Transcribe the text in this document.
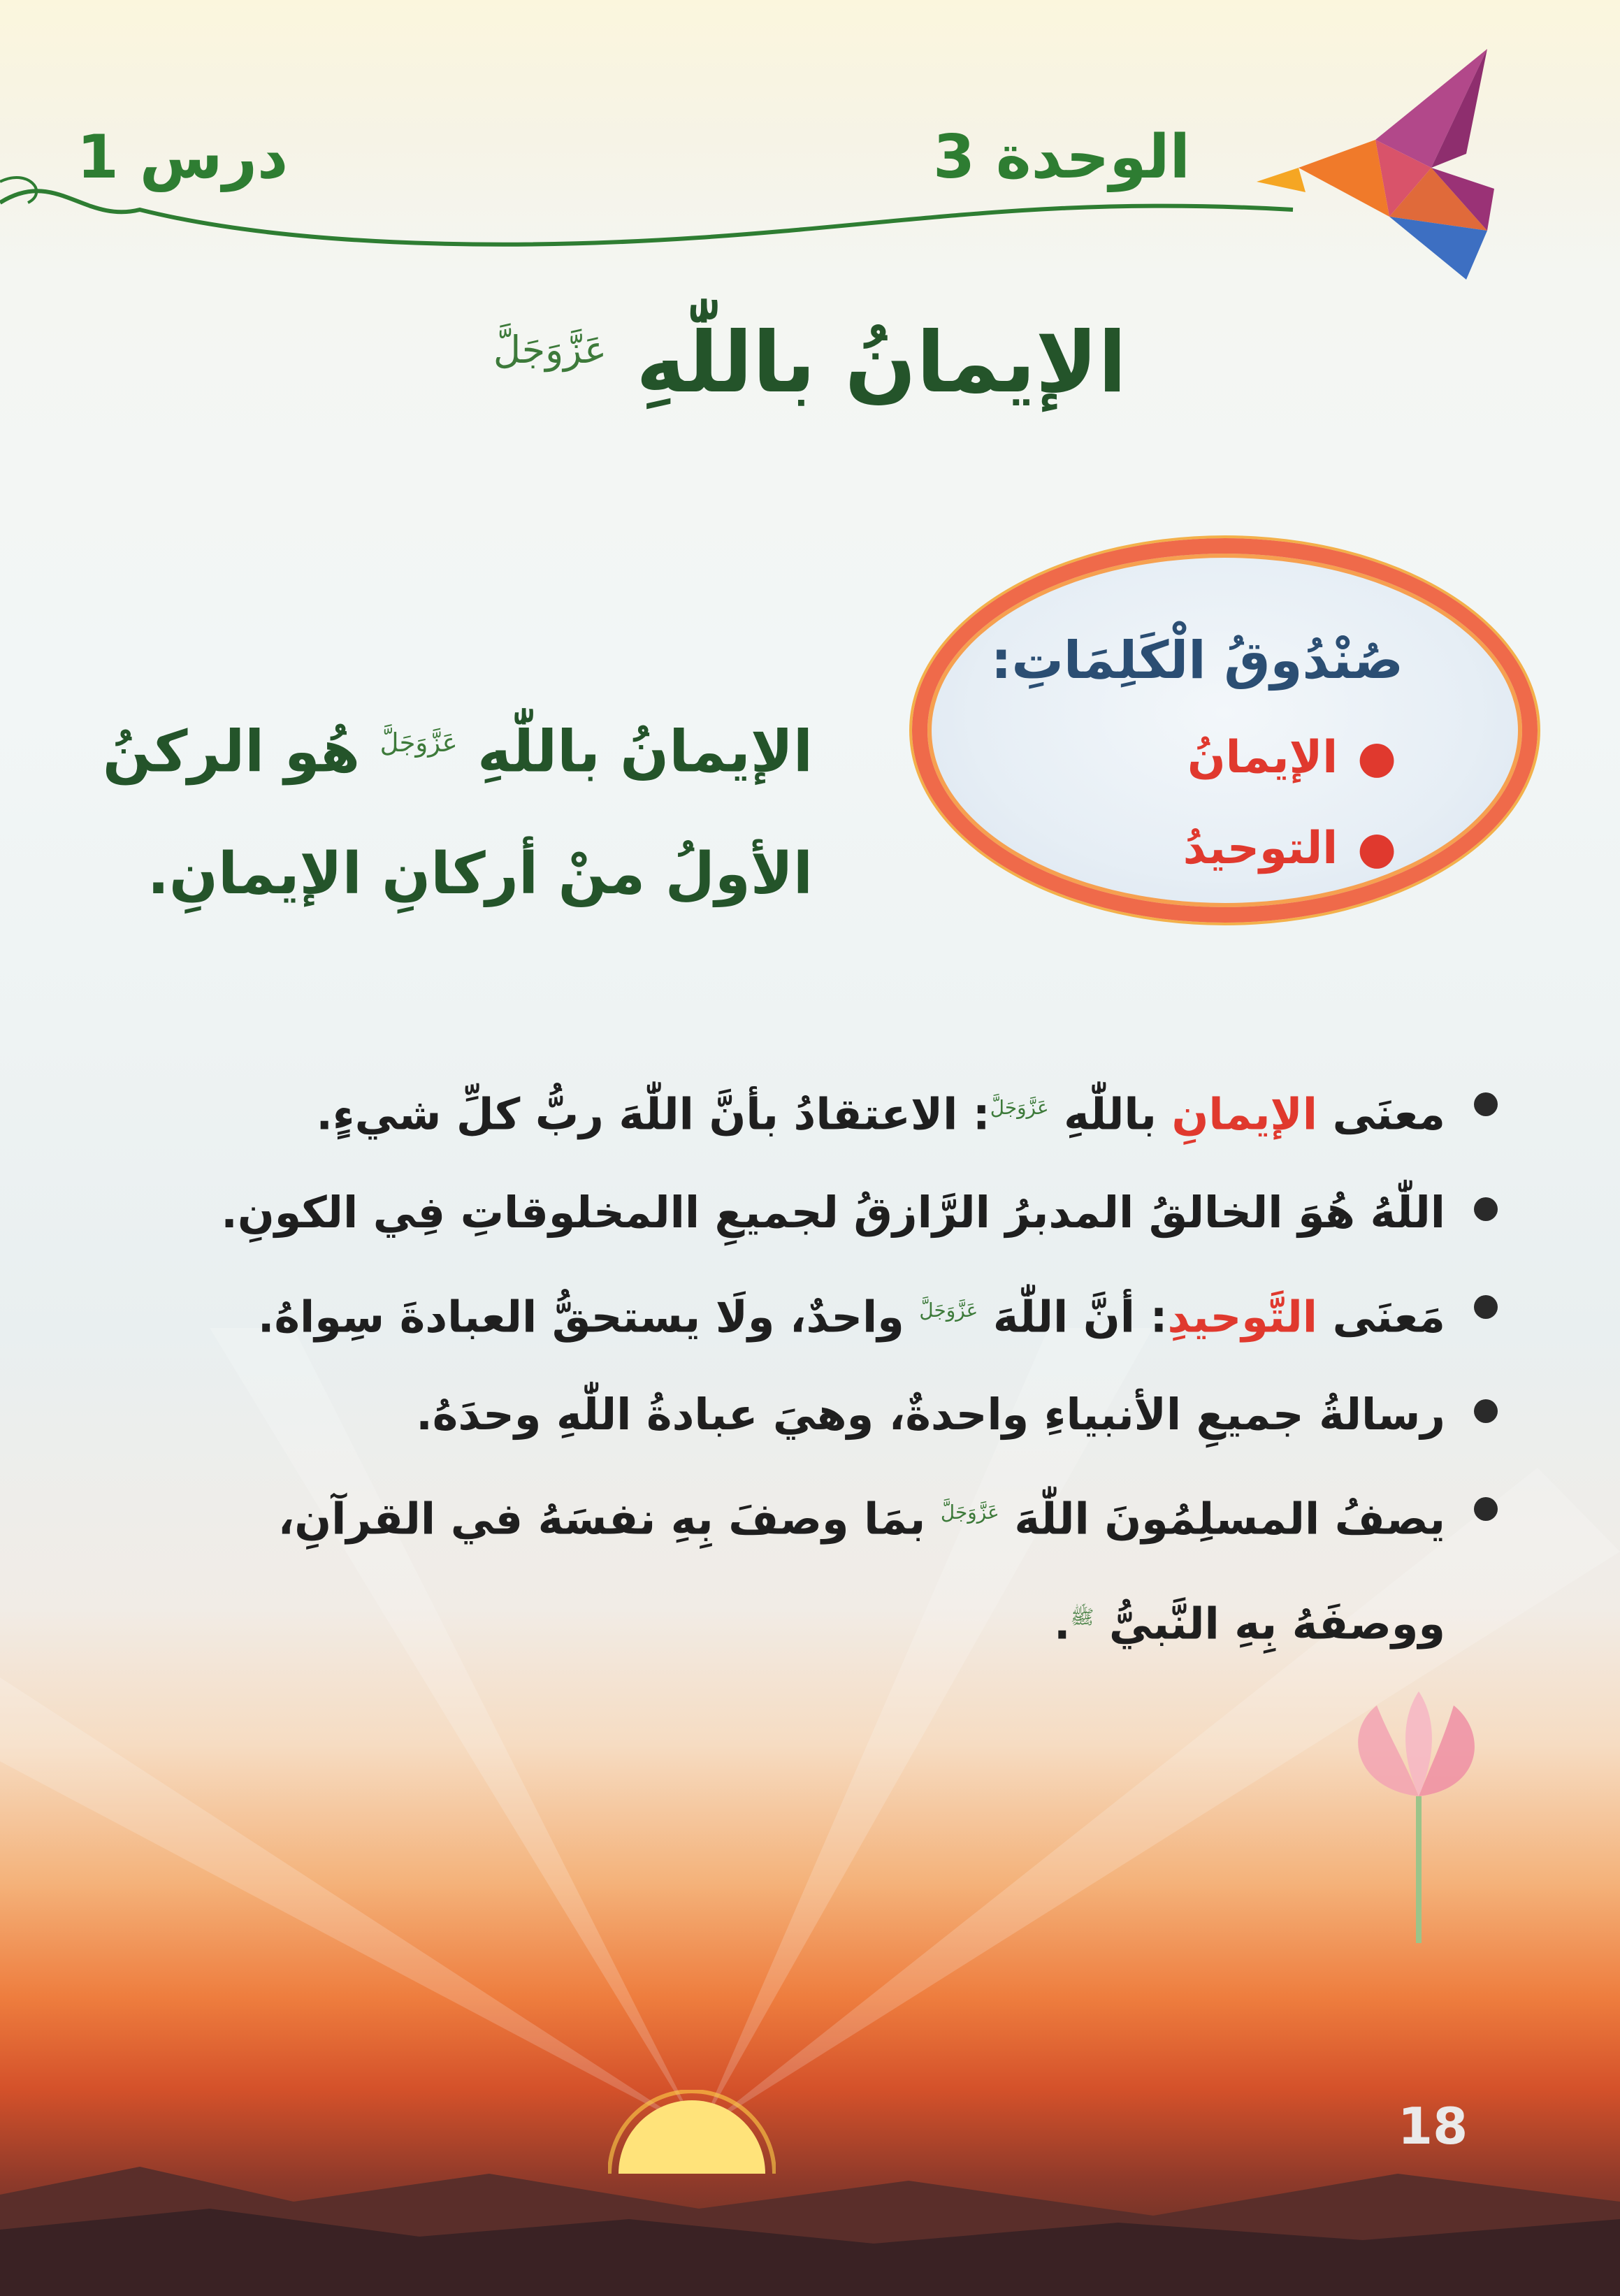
الوحدة 3
درس 1
الإيمانُ باللّٰهِ $^{عَزَّوَجَلَّ}$
صُنْدُوقُ الْكَلِمَاتِ:
●الإيمانُ
●التوحيدُ
الإيمانُ باللّٰهِ $^{عَزَّوَجَلَّ}$ هُو الركنُ
الأولُ منْ أركانِ الإيمانِ.
معنَى الإيمانِ باللّٰهِ $^{عَزَّوَجَلَّ}$: الاعتقادُ بأنَّ اللّٰهَ ربُّ كلِّ شيءٍ.
اللّٰهُ هُوَ الخالقُ المدبرُ الرَّازقُ لجميعِ االمخلوقاتِ فِي الكونِ.
مَعنَى التَّوحيدِ: أنَّ اللّٰهَ $^{عَزَّوَجَلَّ}$ واحدٌ، ولَا يستحقُّ العبادةَ سِواهُ.
رسالةُ جميعِ الأنبياءِ واحدةٌ، وهيَ عبادةُ اللّٰهِ وحدَهُ.
يصفُ المسلِمُونَ اللّٰهَ $^{عَزَّوَجَلَّ}$ بمَا وصفَ بِهِ نفسَهُ في القرآنِ، ووصفَهُ بِهِ النَّبيُّ $^ﷺ$.
18
